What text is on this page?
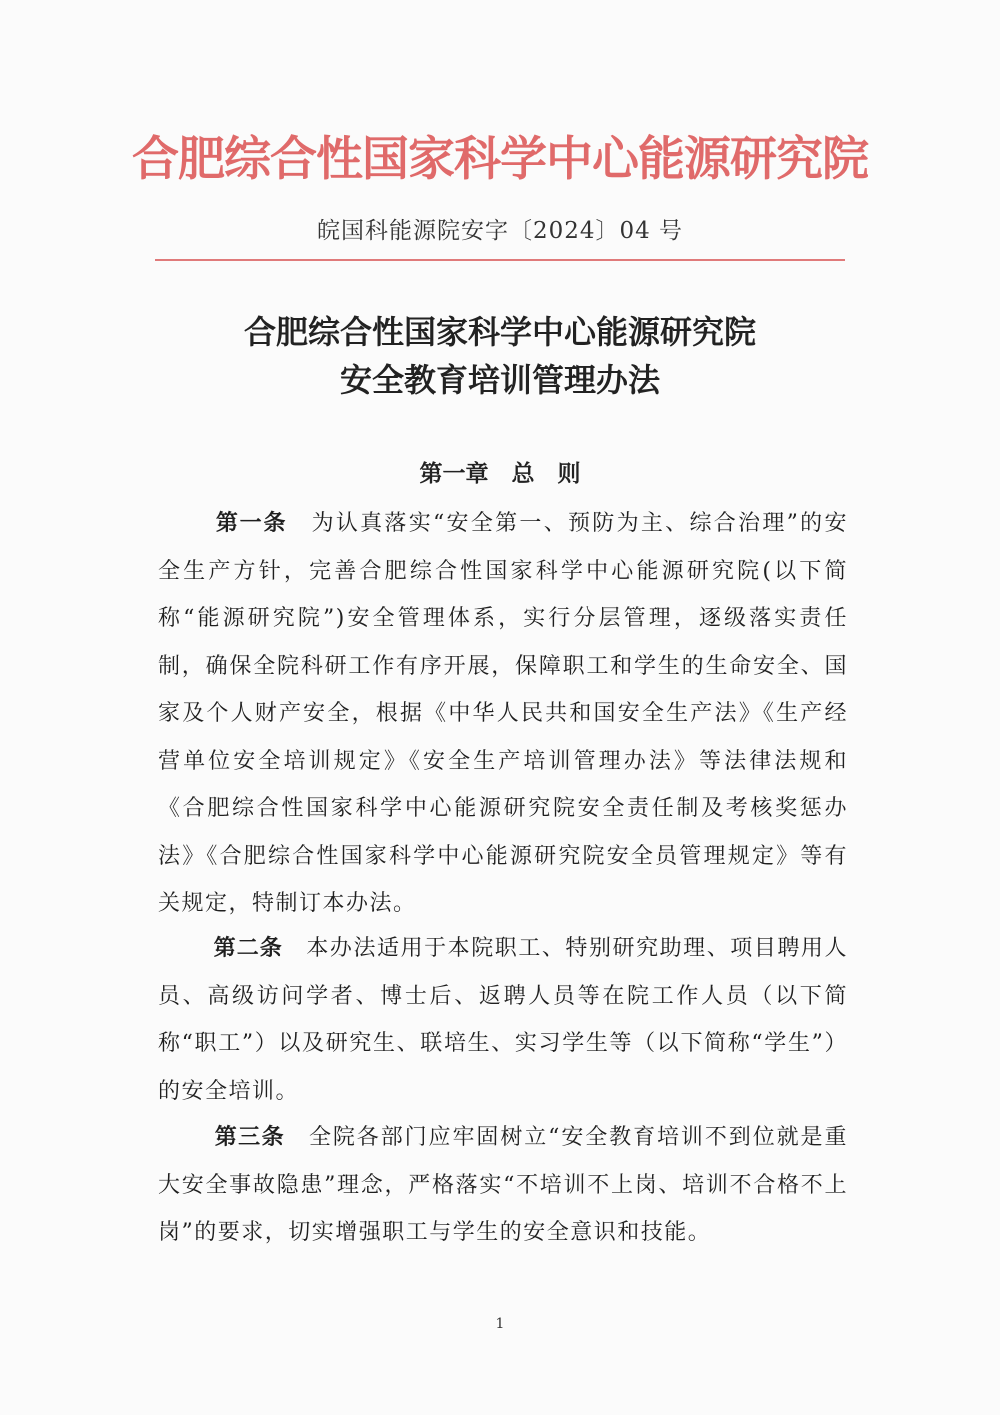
合肥综合性国家科学中心能源研究院
皖国科能源院安字〔2024〕04 号
合肥综合性国家科学中心能源研究院
安全教育培训管理办法
第一章　总　则

　　 第一条　 为认真落实“安全第一、预防为主、综合治理”的安全生产方针，完善合肥综合性国家科学中心能源研究院(以下简称“能源研究院”)安全管理体系，实行分层管理，逐级落实责任制，确保全院科研工作有序开展，保障职工和学生的生命安全、国家及个人财产安全，根据《中华人民共和国安全生产法》《生产经营单位安全培训规定》《安全生产培训管理办法》等法律法规和《合肥综合性国家科学中心能源研究院安全责任制及考核奖惩办法》《合肥综合性国家科学中心能源研究院安全员管理规定》等有关规定，特制订本办法。

　　 第二条　 本办法适用于本院职工、特别研究助理、项目聘用人员、高级访问学者、博士后、返聘人员等在院工作人员（以下简称“职工”）以及研究生、联培生、实习学生等（以下简称“学生”）的安全培训。

　　 第三条　 全院各部门应牢固树立“安全教育培训不到位就是重大安全事故隐患”理念，严格落实“不培训不上岗、培训不合格不上岗”的要求，切实增强职工与学生的安全意识和技能。

1
